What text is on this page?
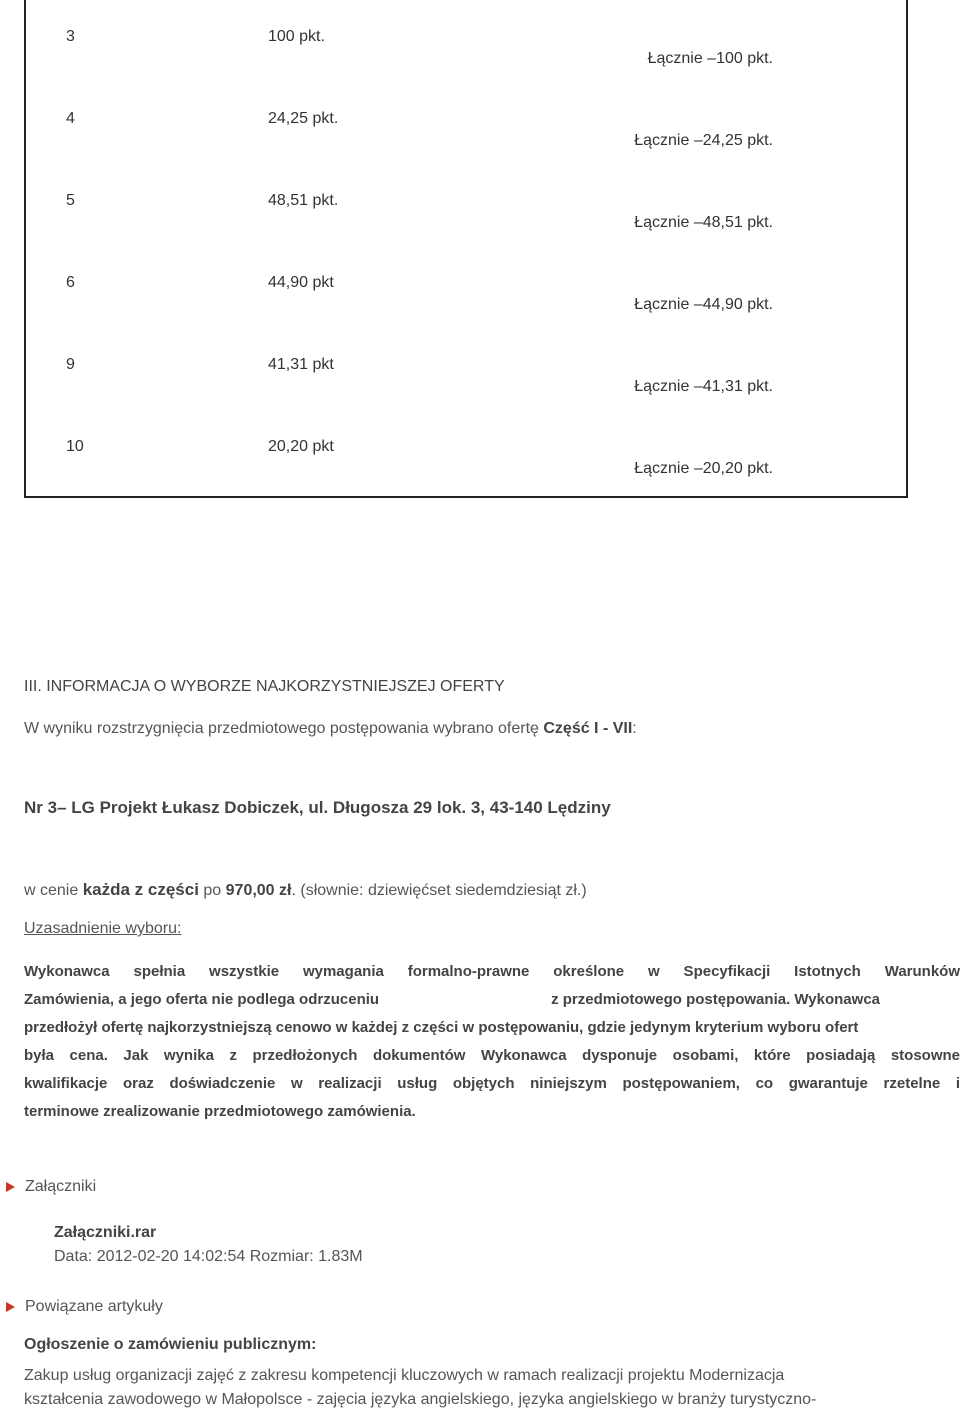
3	100 pkt.
Łącznie –100 pkt.
4	24,25 pkt.
Łącznie –24,25 pkt.
5	48,51 pkt.
Łącznie –48,51 pkt.
6	44,90 pkt
Łącznie –44,90 pkt.
9	41,31 pkt
Łącznie –41,31 pkt.
10	20,20 pkt
Łącznie –20,20 pkt.
III. INFORMACJA O WYBORZE NAJKORZYSTNIEJSZEJ OFERTY
W wyniku rozstrzygnięcia przedmiotowego postępowania wybrano ofertę Część I - VII:
Nr 3– LG Projekt Łukasz Dobiczek, ul. Długosza 29 lok. 3, 43-140 Lędziny
w cenie każda z części po 970,00 zł. (słownie: dziewięćset siedemdziesiąt zł.)
Uzasadnienie wyboru:
Wykonawca spełnia wszystkie wymagania formalno-prawne określone w Specyfikacji Istotnych Warunków
Zamówienia, a jego oferta nie podlega odrzuceniu	z przedmiotowego postępowania. Wykonawca
przedłożył ofertę najkorzystniejszą cenowo w każdej z części w postępowaniu, gdzie jedynym kryterium wyboru ofert
była cena. Jak wynika z przedłożonych dokumentów Wykonawca dysponuje osobami, które posiadają stosowne
kwalifikacje oraz doświadczenie w realizacji usług objętych niniejszym postępowaniem, co gwarantuje rzetelne i
terminowe zrealizowanie przedmiotowego zamówienia.
Załączniki
Załączniki.rar
Data: 2012-02-20 14:02:54 Rozmiar: 1.83M
Powiązane artykuły
Ogłoszenie o zamówieniu publicznym:
Zakup usług organizacji zajęć z zakresu kompetencji kluczowych w ramach realizacji projektu Modernizacja
kształcenia zawodowego w Małopolsce - zajęcia języka angielskiego, języka angielskiego w branży turystyczno-
